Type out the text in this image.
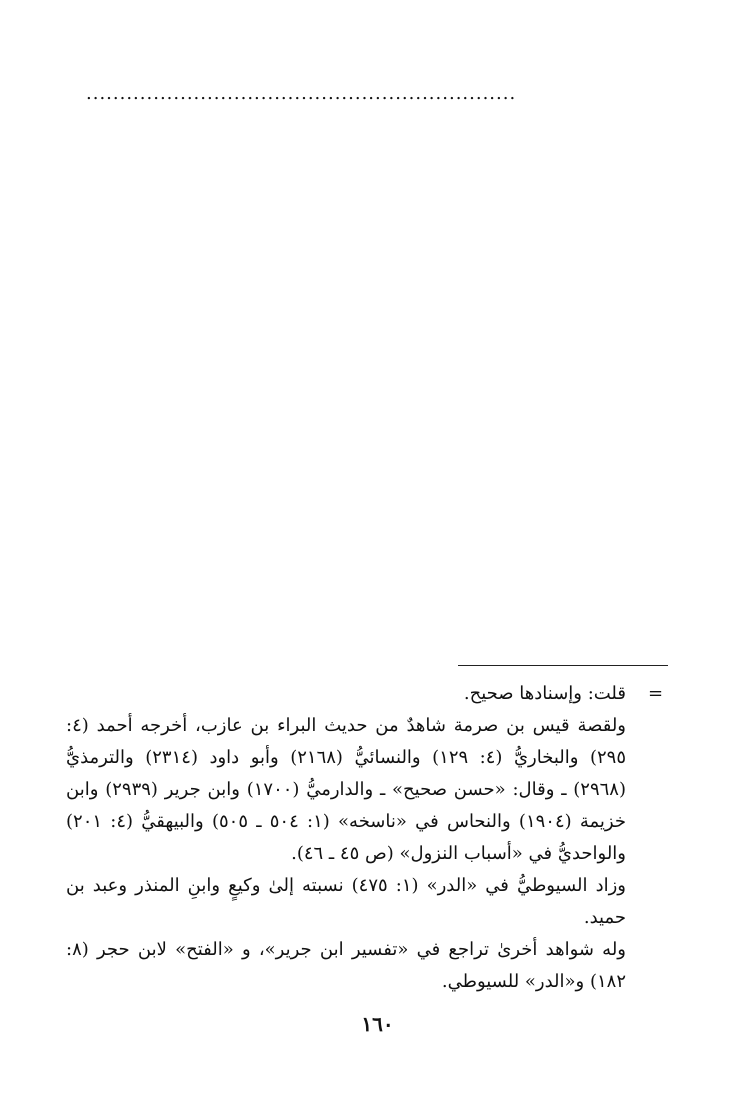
................................................................
=

قلت: وإسنادها صحيح.

ولقصة قيس بن صرمة شاهدٌ من حديث البراء بن عازب، أخرجه أحمد (٤: ٢٩٥) والبخاريُّ (٤: ١٢٩) والنسائيُّ (٢١٦٨) وأبو داود (٢٣١٤) والترمذيُّ (٢٩٦٨) ـ وقال: «حسن صحيح» ـ والدارميُّ (١٧٠٠) وابن جرير (٢٩٣٩) وابن خزيمة (١٩٠٤) والنحاس في «ناسخه» (١: ٥٠٤ ـ ٥٠٥) والبيهقيُّ (٤: ٢٠١) والواحديُّ في «أسباب النزول» (ص ٤٥ ـ ٤٦).

وزاد السيوطيُّ في «الدر» (١: ٤٧٥) نسبته إلىٰ وكيعٍ وابنِ المنذر وعبد بن حميد.

وله شواهد أخرىٰ تراجع في «تفسير ابن جرير»، و «الفتح» لابن حجر (٨: ١٨٢) و«الدر» للسيوطي.

١٦٠
